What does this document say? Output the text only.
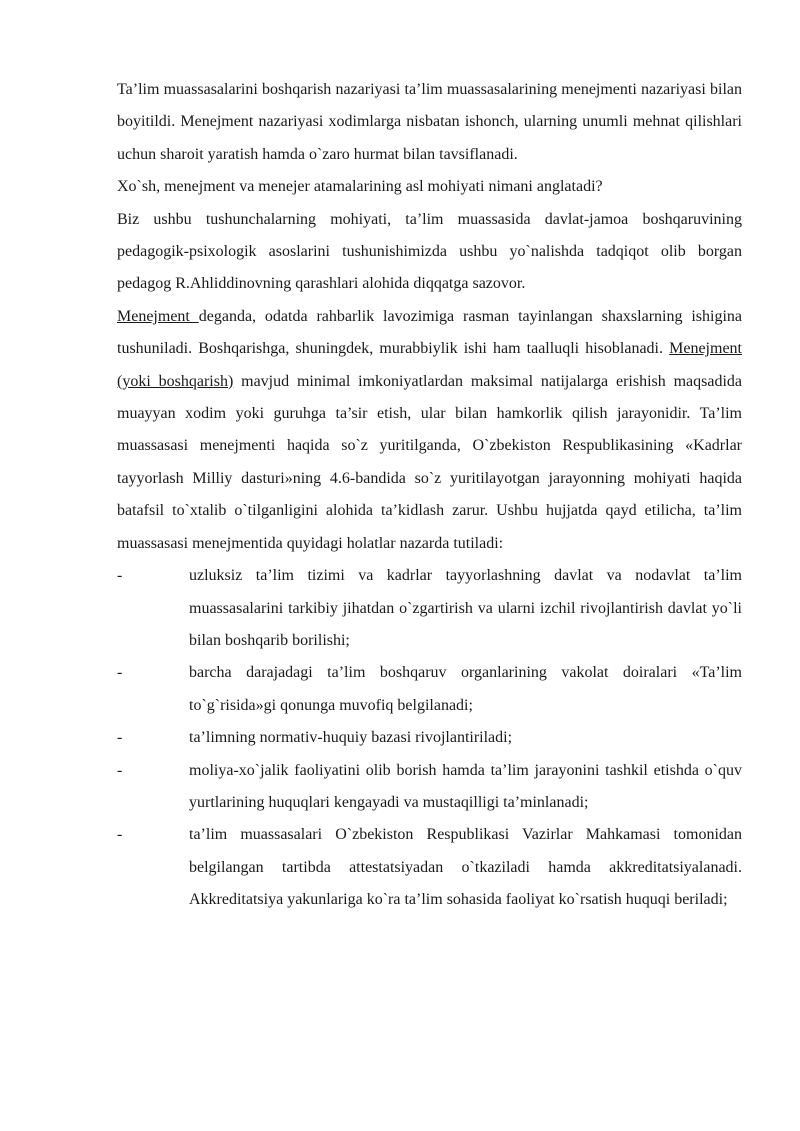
Ta’lim muassasalarini boshqarish nazariyasi ta’lim muassasalarining menejmenti nazariyasi bilan boyitildi. Menejment nazariyasi xodimlarga nisbatan ishonch, ularning unumli mehnat qilishlari uchun sharoit yaratish hamda o`zaro hurmat bilan tavsiflanadi.

Xo`sh, menejment va menejer atamalarining asl mohiyati nimani anglatadi?

Biz ushbu tushunchalarning mohiyati, ta’lim muassasida davlat-jamoa boshqaruvining pedagogik-psixologik asoslarini tushunishimizda ushbu yo`nalishda tadqiqot olib borgan pedagog R.Ahliddinovning qarashlari alohida diqqatga sazovor.

Menejment deganda, odatda rahbarlik lavozimiga rasman tayinlangan shaxslarning ishigina tushuniladi. Boshqarishga, shuningdek, murabbiylik ishi ham taalluqli hisoblanadi. Menejment (yoki boshqarish) mavjud minimal imkoniyatlardan maksimal natijalarga erishish maqsadida muayyan xodim yoki guruhga ta’sir etish, ular bilan hamkorlik qilish jarayonidir. Ta’lim muassasasi menejmenti haqida so`z yuritilganda, O`zbekiston Respublikasining «Kadrlar tayyorlash Milliy dasturi»ning 4.6-bandida so`z yuritilayotgan jarayonning mohiyati haqida batafsil to`xtalib o`tilganligini alohida ta’kidlash zarur. Ushbu hujjatda qayd etilicha, ta’lim muassasasi menejmentida quyidagi holatlar nazarda tutiladi:

-	uzluksiz ta’lim tizimi va kadrlar tayyorlashning davlat va nodavlat ta’lim muassasalarini tarkibiy jihatdan o`zgartirish va ularni izchil rivojlantirish davlat yo`li bilan boshqarib borilishi;
-	barcha darajadagi ta’lim boshqaruv organlarining vakolat doiralari «Ta’lim to`g`risida»gi qonunga muvofiq belgilanadi;
-	ta’limning normativ-huquiy bazasi rivojlantiriladi;
-	moliya-xo`jalik faoliyatini olib borish hamda ta’lim jarayonini tashkil etishda o`quv yurtlarining huquqlari kengayadi va mustaqilligi ta’minlanadi;
-	ta’lim muassasalari O`zbekiston Respublikasi Vazirlar Mahkamasi tomonidan belgilangan tartibda attestatsiyadan o`tkaziladi hamda akkreditatsiyalanadi. Akkreditatsiya yakunlariga ko`ra ta’lim sohasida faoliyat ko`rsatish huquqi beriladi;
